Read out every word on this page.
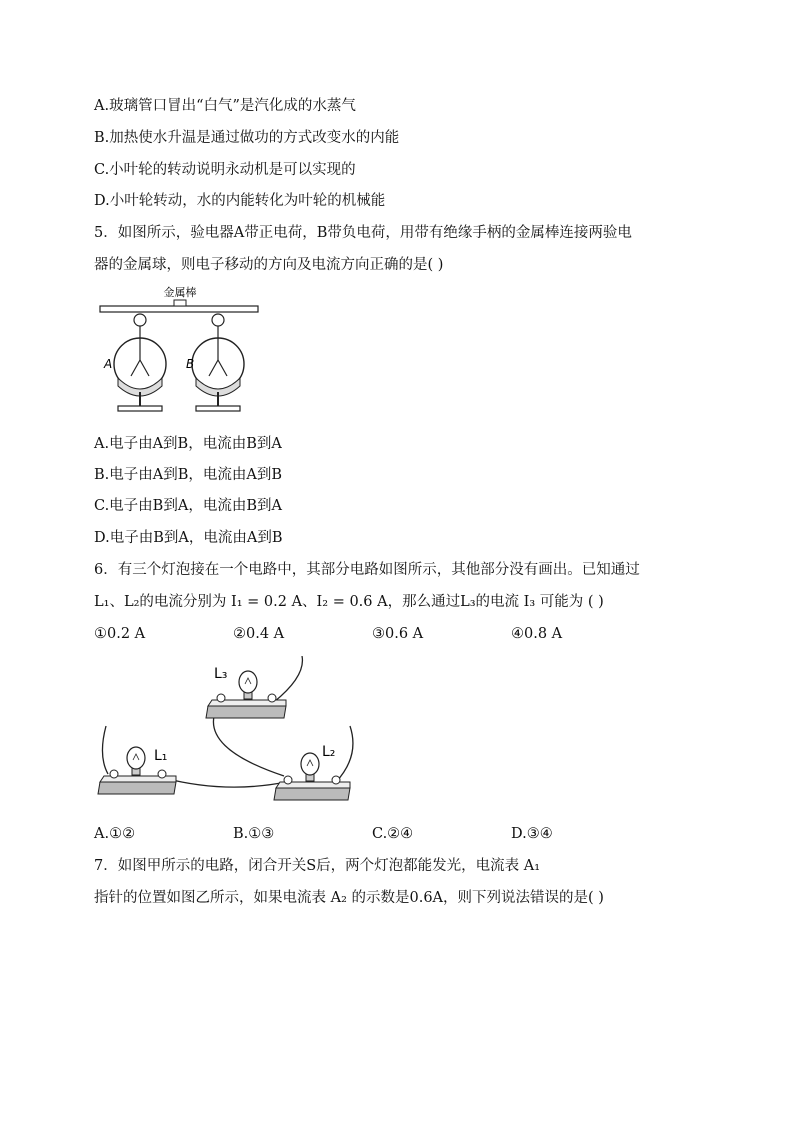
A.玻璃管口冒出“白气”是汽化成的水蒸气
B.加热使水升温是通过做功的方式改变水的内能
C.小叶轮的转动说明永动机是可以实现的
D.小叶轮转动，水的内能转化为叶轮的机械能
5．如图所示，验电器A带正电荷，B带负电荷，用带有绝缘手柄的金属棒连接两验电
器的金属球，则电子移动的方向及电流方向正确的是( )
金属棒
A	B
A.电子由A到B，电流由B到A
B.电子由A到B，电流由A到B
C.电子由B到A，电流由B到A
D.电子由B到A，电流由A到B
6．有三个灯泡接在一个电路中，其部分电路如图所示，其他部分没有画出。已知通过
L₁、L₂的电流分别为 I₁ = 0.2 A、I₂ = 0.6 A，那么通过L₃的电流 I₃ 可能为 ( )
①0.2 A	②0.4 A	③0.6 A	④0.8 A
L₃
L₁	L₂
A.①②	B.①③	C.②④	D.③④
7．如图甲所示的电路，闭合开关S后，两个灯泡都能发光，电流表 A₁
指针的位置如图乙所示，如果电流表 A₂ 的示数是0.6A，则下列说法错误的是( )
